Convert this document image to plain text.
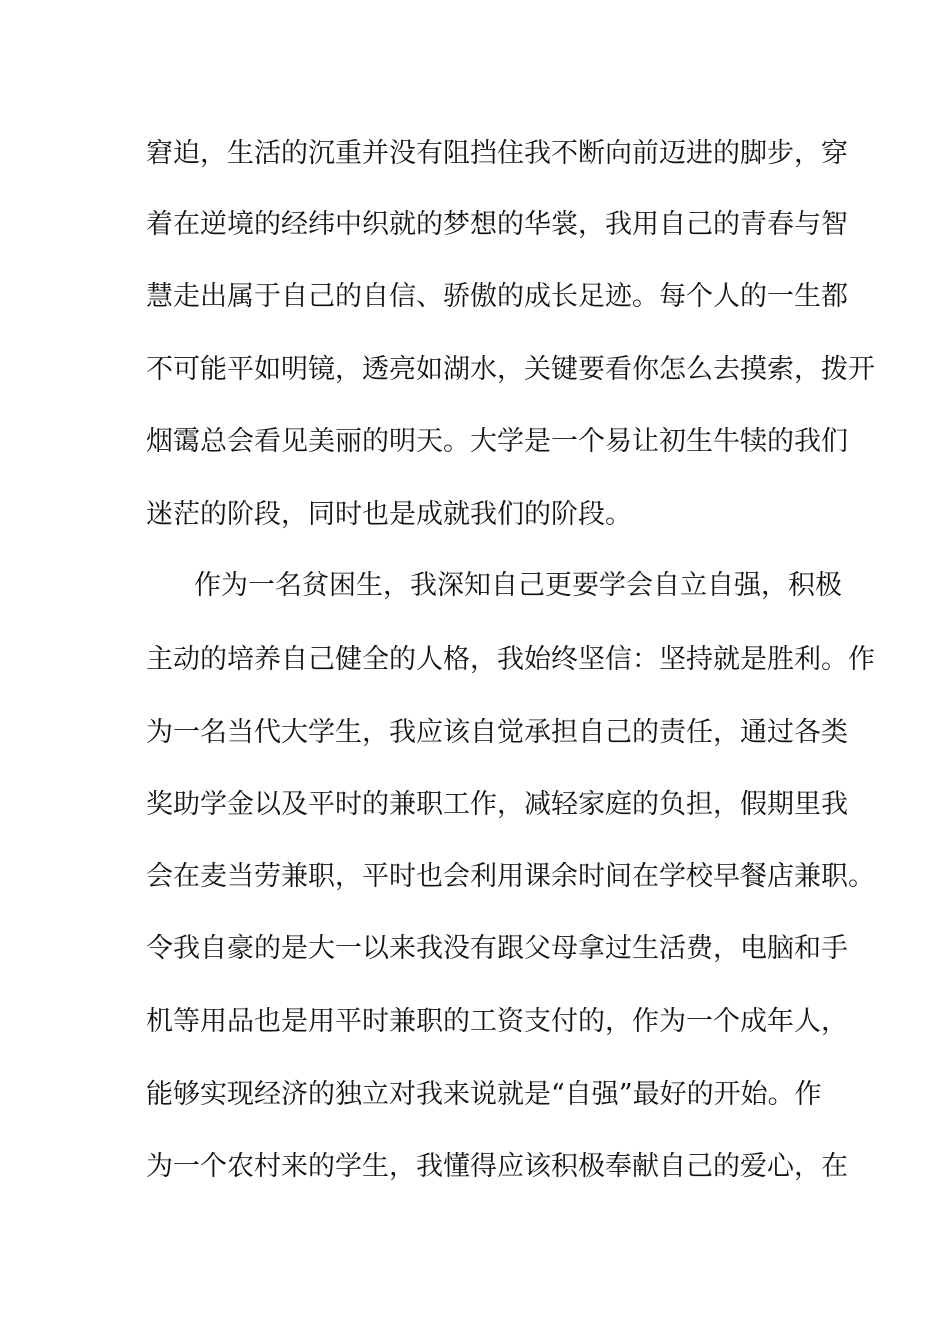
窘迫，生活的沉重并没有阻挡住我不断向前迈进的脚步，穿
着在逆境的经纬中织就的梦想的华裳，我用自己的青春与智
慧走出属于自己的自信、骄傲的成长足迹。每个人的一生都
不可能平如明镜，透亮如湖水，关键要看你怎么去摸索，拨开
烟霭总会看见美丽的明天。大学是一个易让初生牛犊的我们
迷茫的阶段，同时也是成就我们的阶段。
作为一名贫困生，我深知自己更要学会自立自强，积极
主动的培养自己健全的人格，我始终坚信：坚持就是胜利。作
为一名当代大学生，我应该自觉承担自己的责任，通过各类
奖助学金以及平时的兼职工作，减轻家庭的负担，假期里我
会在麦当劳兼职，平时也会利用课余时间在学校早餐店兼职。
令我自豪的是大一以来我没有跟父母拿过生活费，电脑和手
机等用品也是用平时兼职的工资支付的，作为一个成年人，
能够实现经济的独立对我来说就是“自强”最好的开始。作
为一个农村来的学生，我懂得应该积极奉献自己的爱心，在
